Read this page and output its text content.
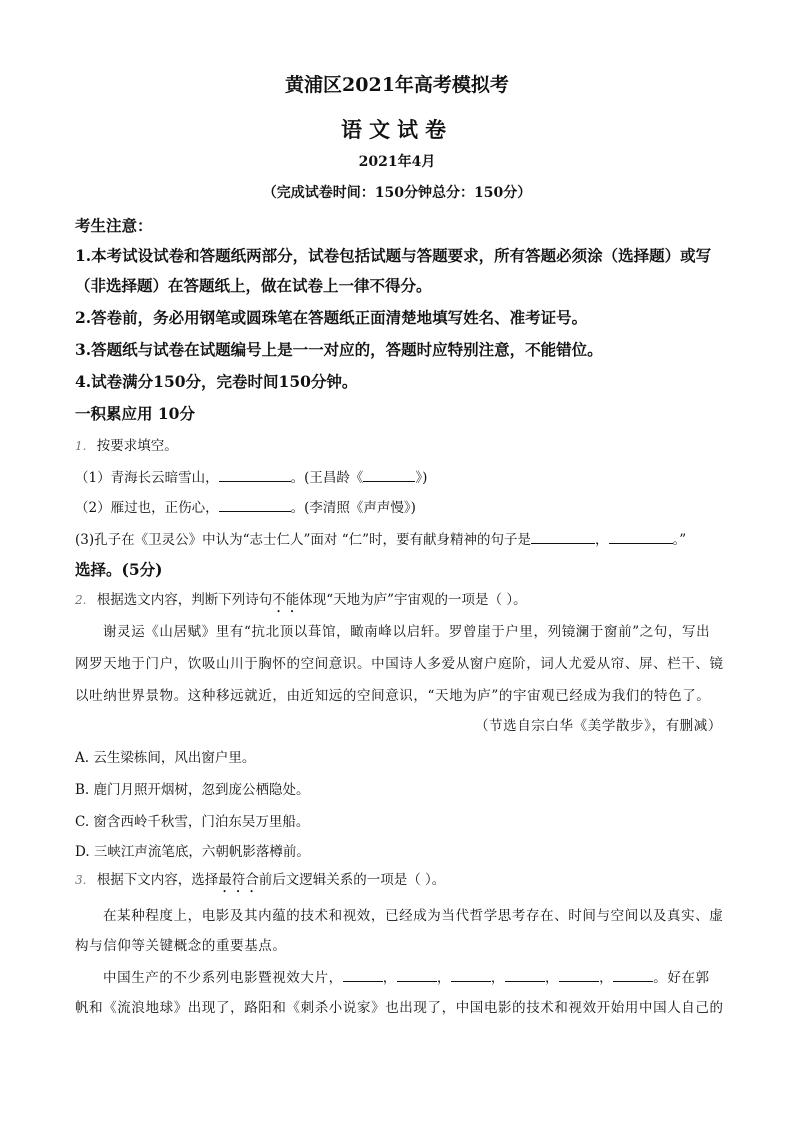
黄浦区2021年高考模拟考
语文试卷
2021年4月
（完成试卷时间：150分钟总分：150分）
考生注意：
1.本考试设试卷和答题纸两部分，试卷包括试题与答题要求，所有答题必须涂（选择题）或写
（非选择题）在答题纸上，做在试卷上一律不得分。
2.答卷前，务必用钢笔或圆珠笔在答题纸正面清楚地填写姓名、准考证号。
3.答题纸与试卷在试题编号上是一一对应的，答题时应特别注意，不能错位。
4.试卷满分150分，完卷时间150分钟。
一积累应用 10分
1. 按要求填空。
（1）青海长云暗雪山，	。(王昌龄《	》)
（2）雁过也，正伤心，	。(李清照《声声慢》)
(3)孔子在《卫灵公》中认为“志士仁人”面对 “仁”时，要有献身精神的句子是	，	。”
选择。(5分)
2. 根据选文内容，判断下列诗句不能体现“天地为庐”宇宙观的一项是（ ）。
谢灵运《山居赋》里有“抗北顶以葺馆，瞰南峰以启轩。罗曾崖于户里，列镜澜于窗前”之句，写出
网罗天地于门户，饮吸山川于胸怀的空间意识。中国诗人多爱从窗户庭阶，词人尤爱从帘、屏、栏干、镜
以吐纳世界景物。这种移远就近，由近知远的空间意识，“天地为庐”的宇宙观已经成为我们的特色了。
（节选自宗白华《美学散步》，有删减）
A. 云生梁栋间，风出窗户里。
B. 鹿门月照开烟树，忽到庞公栖隐处。
C. 窗含西岭千秋雪，门泊东吴万里船。
D. 三峡江声流笔底，六朝帆影落樽前。
3. 根据下文内容，选择最符合前后文逻辑关系的一项是（ ）。
在某种程度上，电影及其内蕴的技术和视效，已经成为当代哲学思考存在、时间与空间以及真实、虚
构与信仰等关键概念的重要基点。
中国生产的不少系列电影暨视效大片，	，	，	，	，	，	。好在郭
帆和《流浪地球》出现了，路阳和《刺杀小说家》也出现了，中国电影的技术和视效开始用中国人自己的
